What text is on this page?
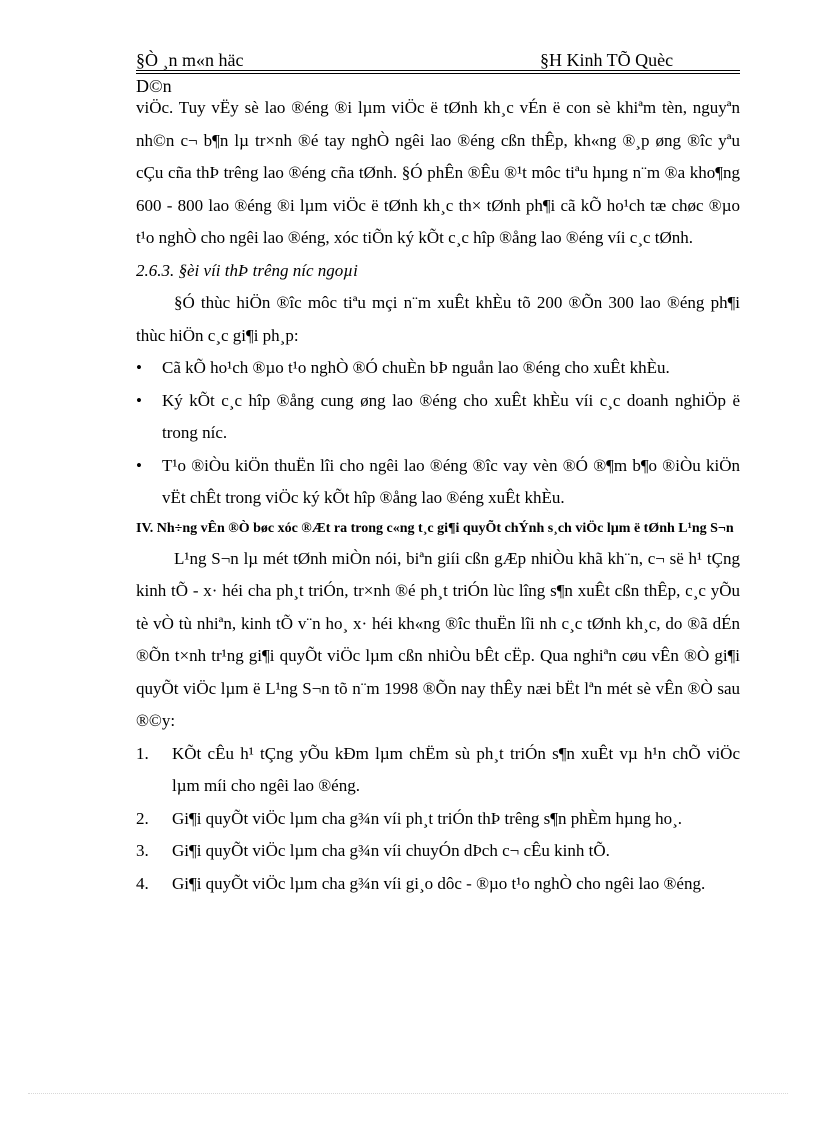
§Ò ¸n m«n häc	§H Kinh TÕ Quèc
D©n

viÖc. Tuy vËy sè lao ®éng ®i lµm viÖc ë tØnh kh¸c vÉn ë con sè khiªm tèn, nguyªn nh©n c¬ b¶n lµ tr×nh ®é tay nghÒ ngêi lao ®éng cßn thÊp, kh«ng ®¸p øng ®îc yªu cÇu cña thÞ trêng lao ®éng cña tØnh. §Ó phÊn ®Êu ®¹t môc tiªu hµng n¨m ®a kho¶ng 600 - 800 lao ®éng ®i lµm viÖc ë tØnh kh¸c th× tØnh ph¶i cã kÕ ho¹ch tæ chøc ®µo t¹o nghÒ cho ngêi lao ®éng, xóc tiÕn ký kÕt c¸c hîp ®ång lao ®éng víi c¸c tØnh.

2.6.3. §èi víi thÞ trêng níc ngoµi

§Ó thùc hiÖn ®îc môc tiªu mçi n¨m xuÊt khÈu tõ 200 ®Õn 300 lao ®éng ph¶i thùc hiÖn c¸c gi¶i ph¸p:

• Cã kÕ ho¹ch ®µo t¹o nghÒ ®Ó chuÈn bÞ nguån lao ®éng cho xuÊt khÈu.

• Ký kÕt c¸c hîp ®ång cung øng lao ®éng cho xuÊt khÈu víi c¸c doanh nghiÖp ë trong níc.

• T¹o ®iÒu kiÖn thuËn lîi cho ngêi lao ®éng ®îc vay vèn ®Ó ®¶m b¶o ®iÒu kiÖn vËt chÊt trong viÖc ký kÕt hîp ®ång lao ®éng xuÊt khÈu.

IV. Nh÷ng vÊn ®Ò bøc xóc ®Æt ra trong c«ng t¸c gi¶i quyÕt chÝnh s¸ch viÖc lµm ë tØnh L¹ng S¬n

L¹ng S¬n lµ mét tØnh miÒn nói, biªn giíi cßn gÆp nhiÒu khã kh¨n, c¬ së h¹ tÇng kinh tÕ - x· héi cha ph¸t triÓn, tr×nh ®é ph¸t triÓn lùc lîng s¶n xuÊt cßn thÊp, c¸c yÕu tè vÒ tù nhiªn, kinh tÕ v¨n ho¸ x· héi kh«ng ®îc thuËn lîi nh c¸c tØnh kh¸c, do ®ã dÉn ®Õn t×nh tr¹ng gi¶i quyÕt viÖc lµm cßn nhiÒu bÊt cËp. Qua nghiªn cøu vÊn ®Ò gi¶i quyÕt viÖc lµm ë L¹ng S¬n tõ n¨m 1998 ®Õn nay thÊy næi bËt lªn mét sè vÊn ®Ò sau ®©y:

1. KÕt cÊu h¹ tÇng yÕu kÐm lµm chËm sù ph¸t triÓn s¶n xuÊt vµ h¹n chÕ viÖc lµm míi cho ngêi lao ®éng.

2. Gi¶i quyÕt viÖc lµm cha g¾n víi ph¸t triÓn thÞ trêng s¶n phÈm hµng ho¸.

3. Gi¶i quyÕt viÖc lµm cha g¾n víi chuyÓn dÞch c¬ cÊu kinh tÕ.

4. Gi¶i quyÕt viÖc lµm cha g¾n víi gi¸o dôc - ®µo t¹o nghÒ cho ngêi lao ®éng.
